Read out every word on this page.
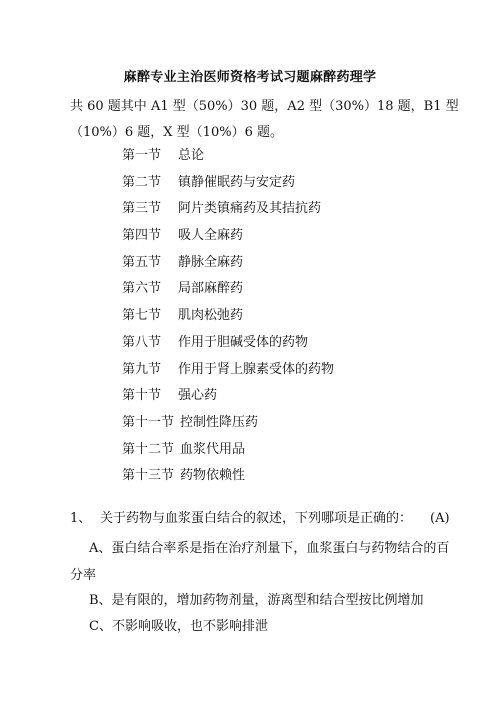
麻醉专业主治医师资格考试习题麻醉药理学
共 60 题其中 A1 型（50%）30 题，A2 型（30%）18 题，B1 型
（10%）6 题，X 型（10%）6 题。
第一节 总论
第二节 镇静催眠药与安定药
第三节 阿片类镇痛药及其拮抗药
第四节 吸人全麻药
第五节 静脉全麻药
第六节 局部麻醉药
第七节 肌肉松弛药
第八节 作用于胆碱受体的药物
第九节 作用于肾上腺素受体的药物
第十节 强心药
第十一节 控制性降压药
第十二节 血浆代用品
第十三节 药物依赖性
1、 关于药物与血浆蛋白结合的叙述，下列哪项是正确的： (A)
A、蛋白结合率系是指在治疗剂量下，血浆蛋白与药物结合的百
分率
B、是有限的，增加药物剂量，游离型和结合型按比例增加
C、不影响吸收，也不影响排泄
